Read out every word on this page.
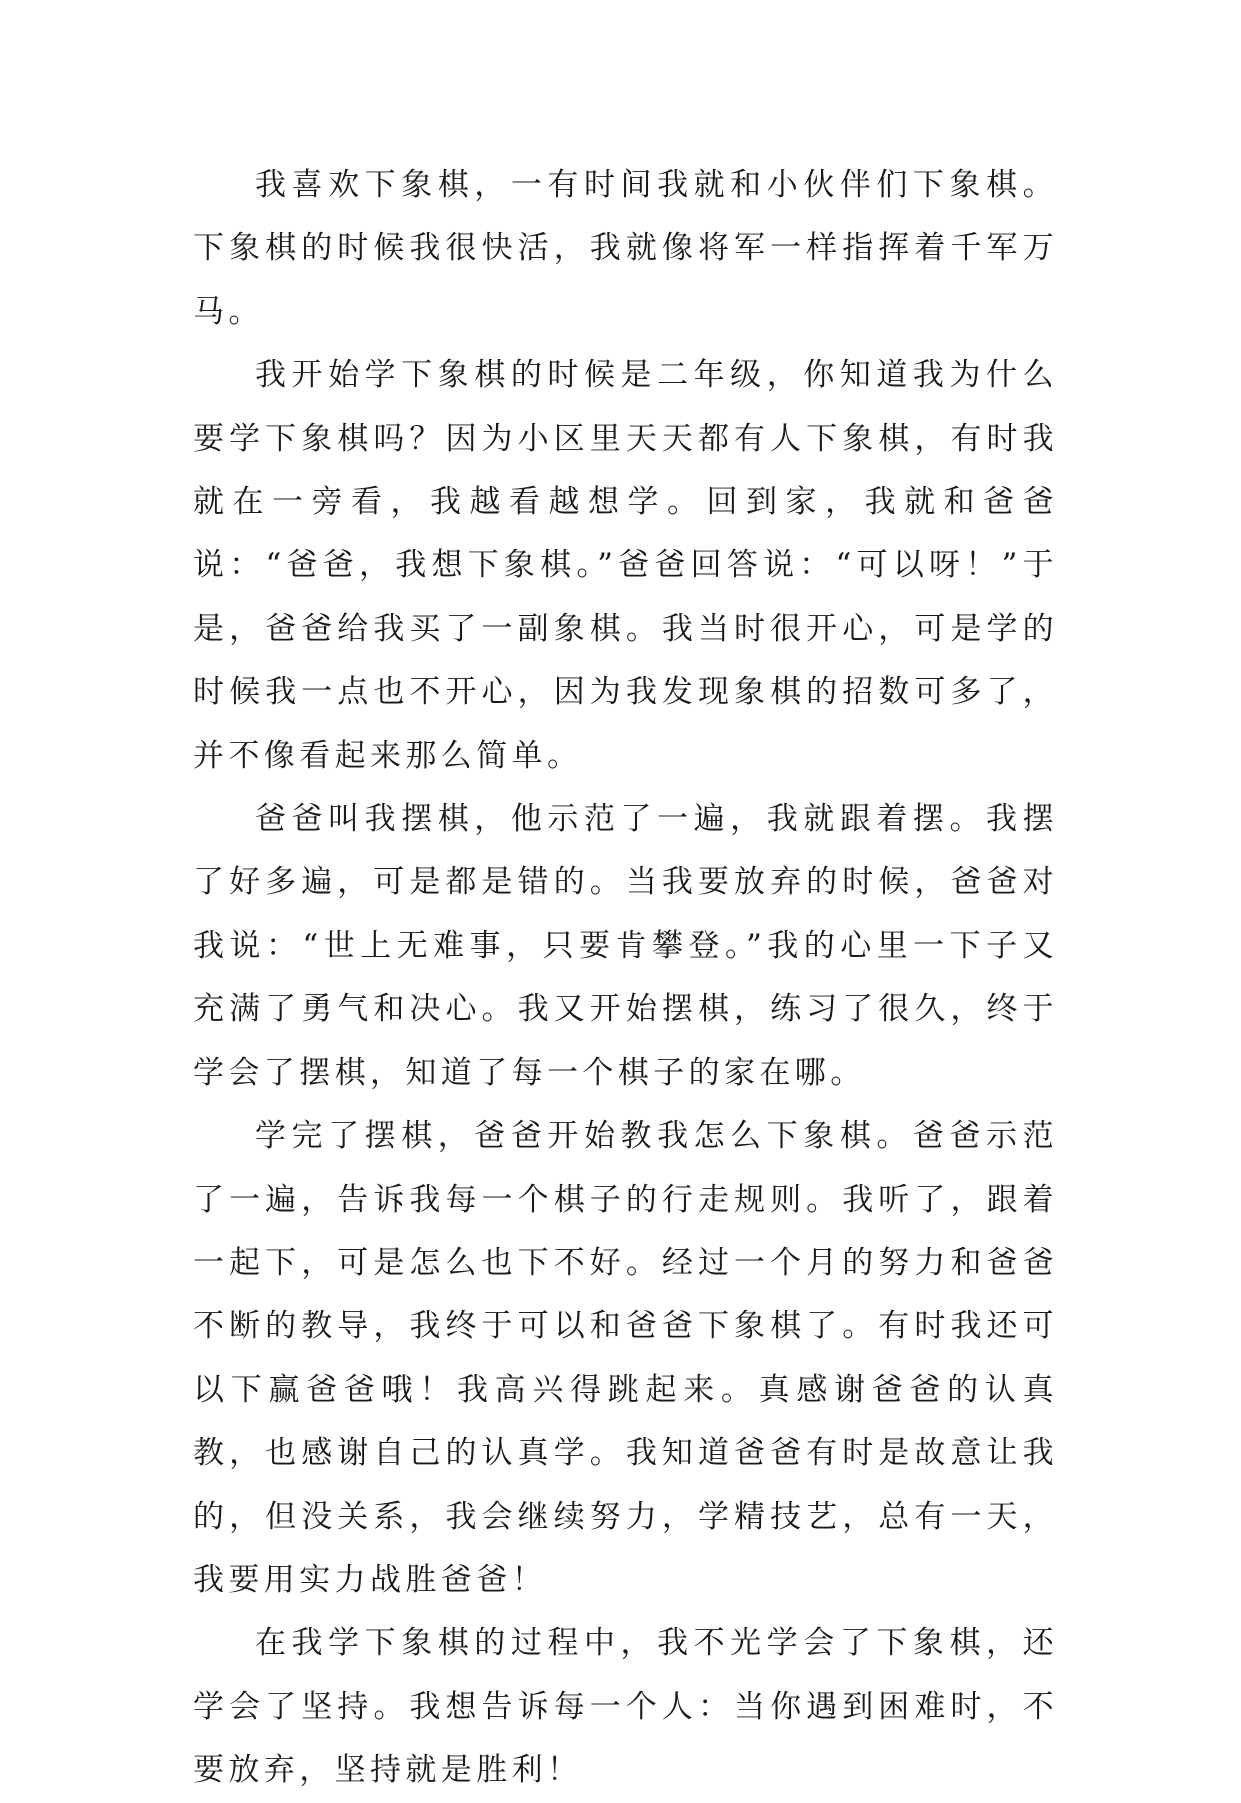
我喜欢下象棋，一有时间我就和小伙伴们下象棋。下象棋的时候我很快活，我就像将军一样指挥着千军万马。

我开始学下象棋的时候是二年级，你知道我为什么要学下象棋吗？因为小区里天天都有人下象棋，有时我就在一旁看，我越看越想学。回到家，我就和爸爸说：“爸爸，我想下象棋。”爸爸回答说：“可以呀！”于是，爸爸给我买了一副象棋。我当时很开心，可是学的时候我一点也不开心，因为我发现象棋的招数可多了，并不像看起来那么简单。

爸爸叫我摆棋，他示范了一遍，我就跟着摆。我摆了好多遍，可是都是错的。当我要放弃的时候，爸爸对我说：“世上无难事，只要肯攀登。”我的心里一下子又充满了勇气和决心。我又开始摆棋，练习了很久，终于学会了摆棋，知道了每一个棋子的家在哪。

学完了摆棋，爸爸开始教我怎么下象棋。爸爸示范了一遍，告诉我每一个棋子的行走规则。我听了，跟着一起下，可是怎么也下不好。经过一个月的努力和爸爸不断的教导，我终于可以和爸爸下象棋了。有时我还可以下赢爸爸哦！我高兴得跳起来。真感谢爸爸的认真教，也感谢自己的认真学。我知道爸爸有时是故意让我的，但没关系，我会继续努力，学精技艺，总有一天，我要用实力战胜爸爸！

在我学下象棋的过程中，我不光学会了下象棋，还学会了坚持。我想告诉每一个人：当你遇到困难时，不要放弃，坚持就是胜利！
